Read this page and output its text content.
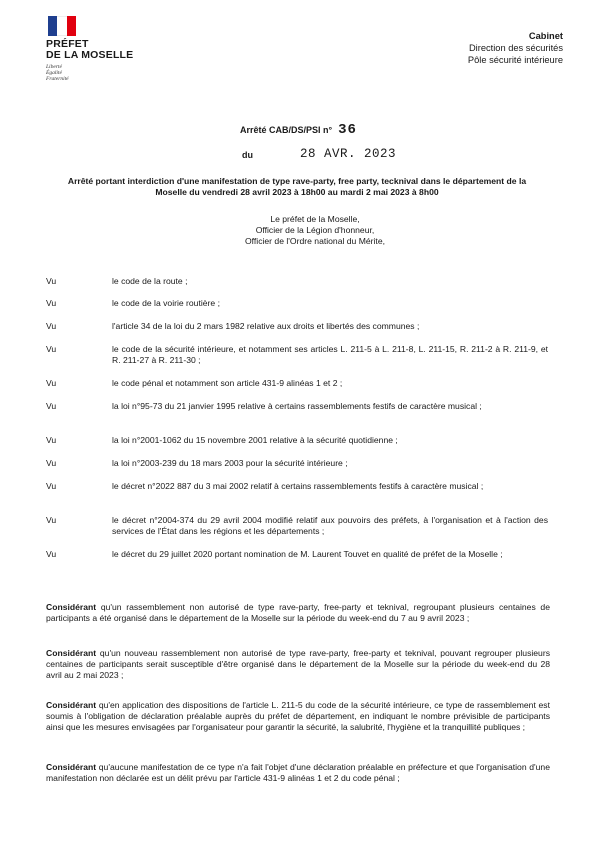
PRÉFET
DE LA MOSELLE
Liberté
Égalité
Fraternité
Cabinet
Direction des sécurités
Pôle sécurité intérieure
Arrêté CAB/DS/PSI n° 36
du	28 AVR. 2023
Arrêté portant interdiction d'une manifestation de type rave-party, free party, tecknival dans le département de la Moselle du vendredi 28 avril 2023 à 18h00 au mardi 2 mai 2023 à 8h00
Le préfet de la Moselle,
Officier de la Légion d'honneur,
Officier de l'Ordre national du Mérite,
Vu	le code de la route ;
Vu	le code de la voirie routière ;
Vu	l'article 34 de la loi du 2 mars 1982 relative aux droits et libertés des communes ;
Vu	le code de la sécurité intérieure, et notamment ses articles L. 211-5 à L. 211-8, L. 211-15, R. 211-2 à R. 211-9, et R. 211-27 à R. 211-30 ;
Vu	le code pénal et notamment son article 431-9 alinéas 1 et 2 ;
Vu	la loi n°95-73 du 21 janvier 1995 relative à certains rassemblements festifs de caractère musical ;
Vu	la loi n°2001-1062 du 15 novembre 2001 relative à la sécurité quotidienne ;
Vu	la loi n°2003-239 du 18 mars 2003 pour la sécurité intérieure ;
Vu	le décret n°2022 887 du 3 mai 2002 relatif à certains rassemblements festifs à caractère musical ;
Vu	le décret n°2004-374 du 29 avril 2004 modifié relatif aux pouvoirs des préfets, à l'organisation et à l'action des services de l'État dans les régions et les départements ;
Vu	le décret du 29 juillet 2020 portant nomination de M. Laurent Touvet en qualité de préfet de la Moselle ;
Considérant qu'un rassemblement non autorisé de type rave-party, free-party et teknival, regroupant plusieurs centaines de participants a été organisé dans le département de la Moselle sur la période du week-end du 7 au 9 avril 2023 ;
Considérant qu'un nouveau rassemblement non autorisé de type rave-party, free-party et teknival, pouvant regrouper plusieurs centaines de participants serait susceptible d'être organisé dans le département de la Moselle sur la période du week-end du 28 avril au 2 mai 2023 ;
Considérant qu'en application des dispositions de l'article L. 211-5 du code de la sécurité intérieure, ce type de rassemblement est soumis à l'obligation de déclaration préalable auprès du préfet de département, en indiquant le nombre prévisible de participants ainsi que les mesures envisagées par l'organisateur pour garantir la sécurité, la salubrité, l'hygiène et la tranquillité publiques ;
Considérant qu'aucune manifestation de ce type n'a fait l'objet d'une déclaration préalable en préfecture et que l'organisation d'une manifestation non déclarée est un délit prévu par l'article 431-9 alinéas 1 et 2 du code pénal ;
